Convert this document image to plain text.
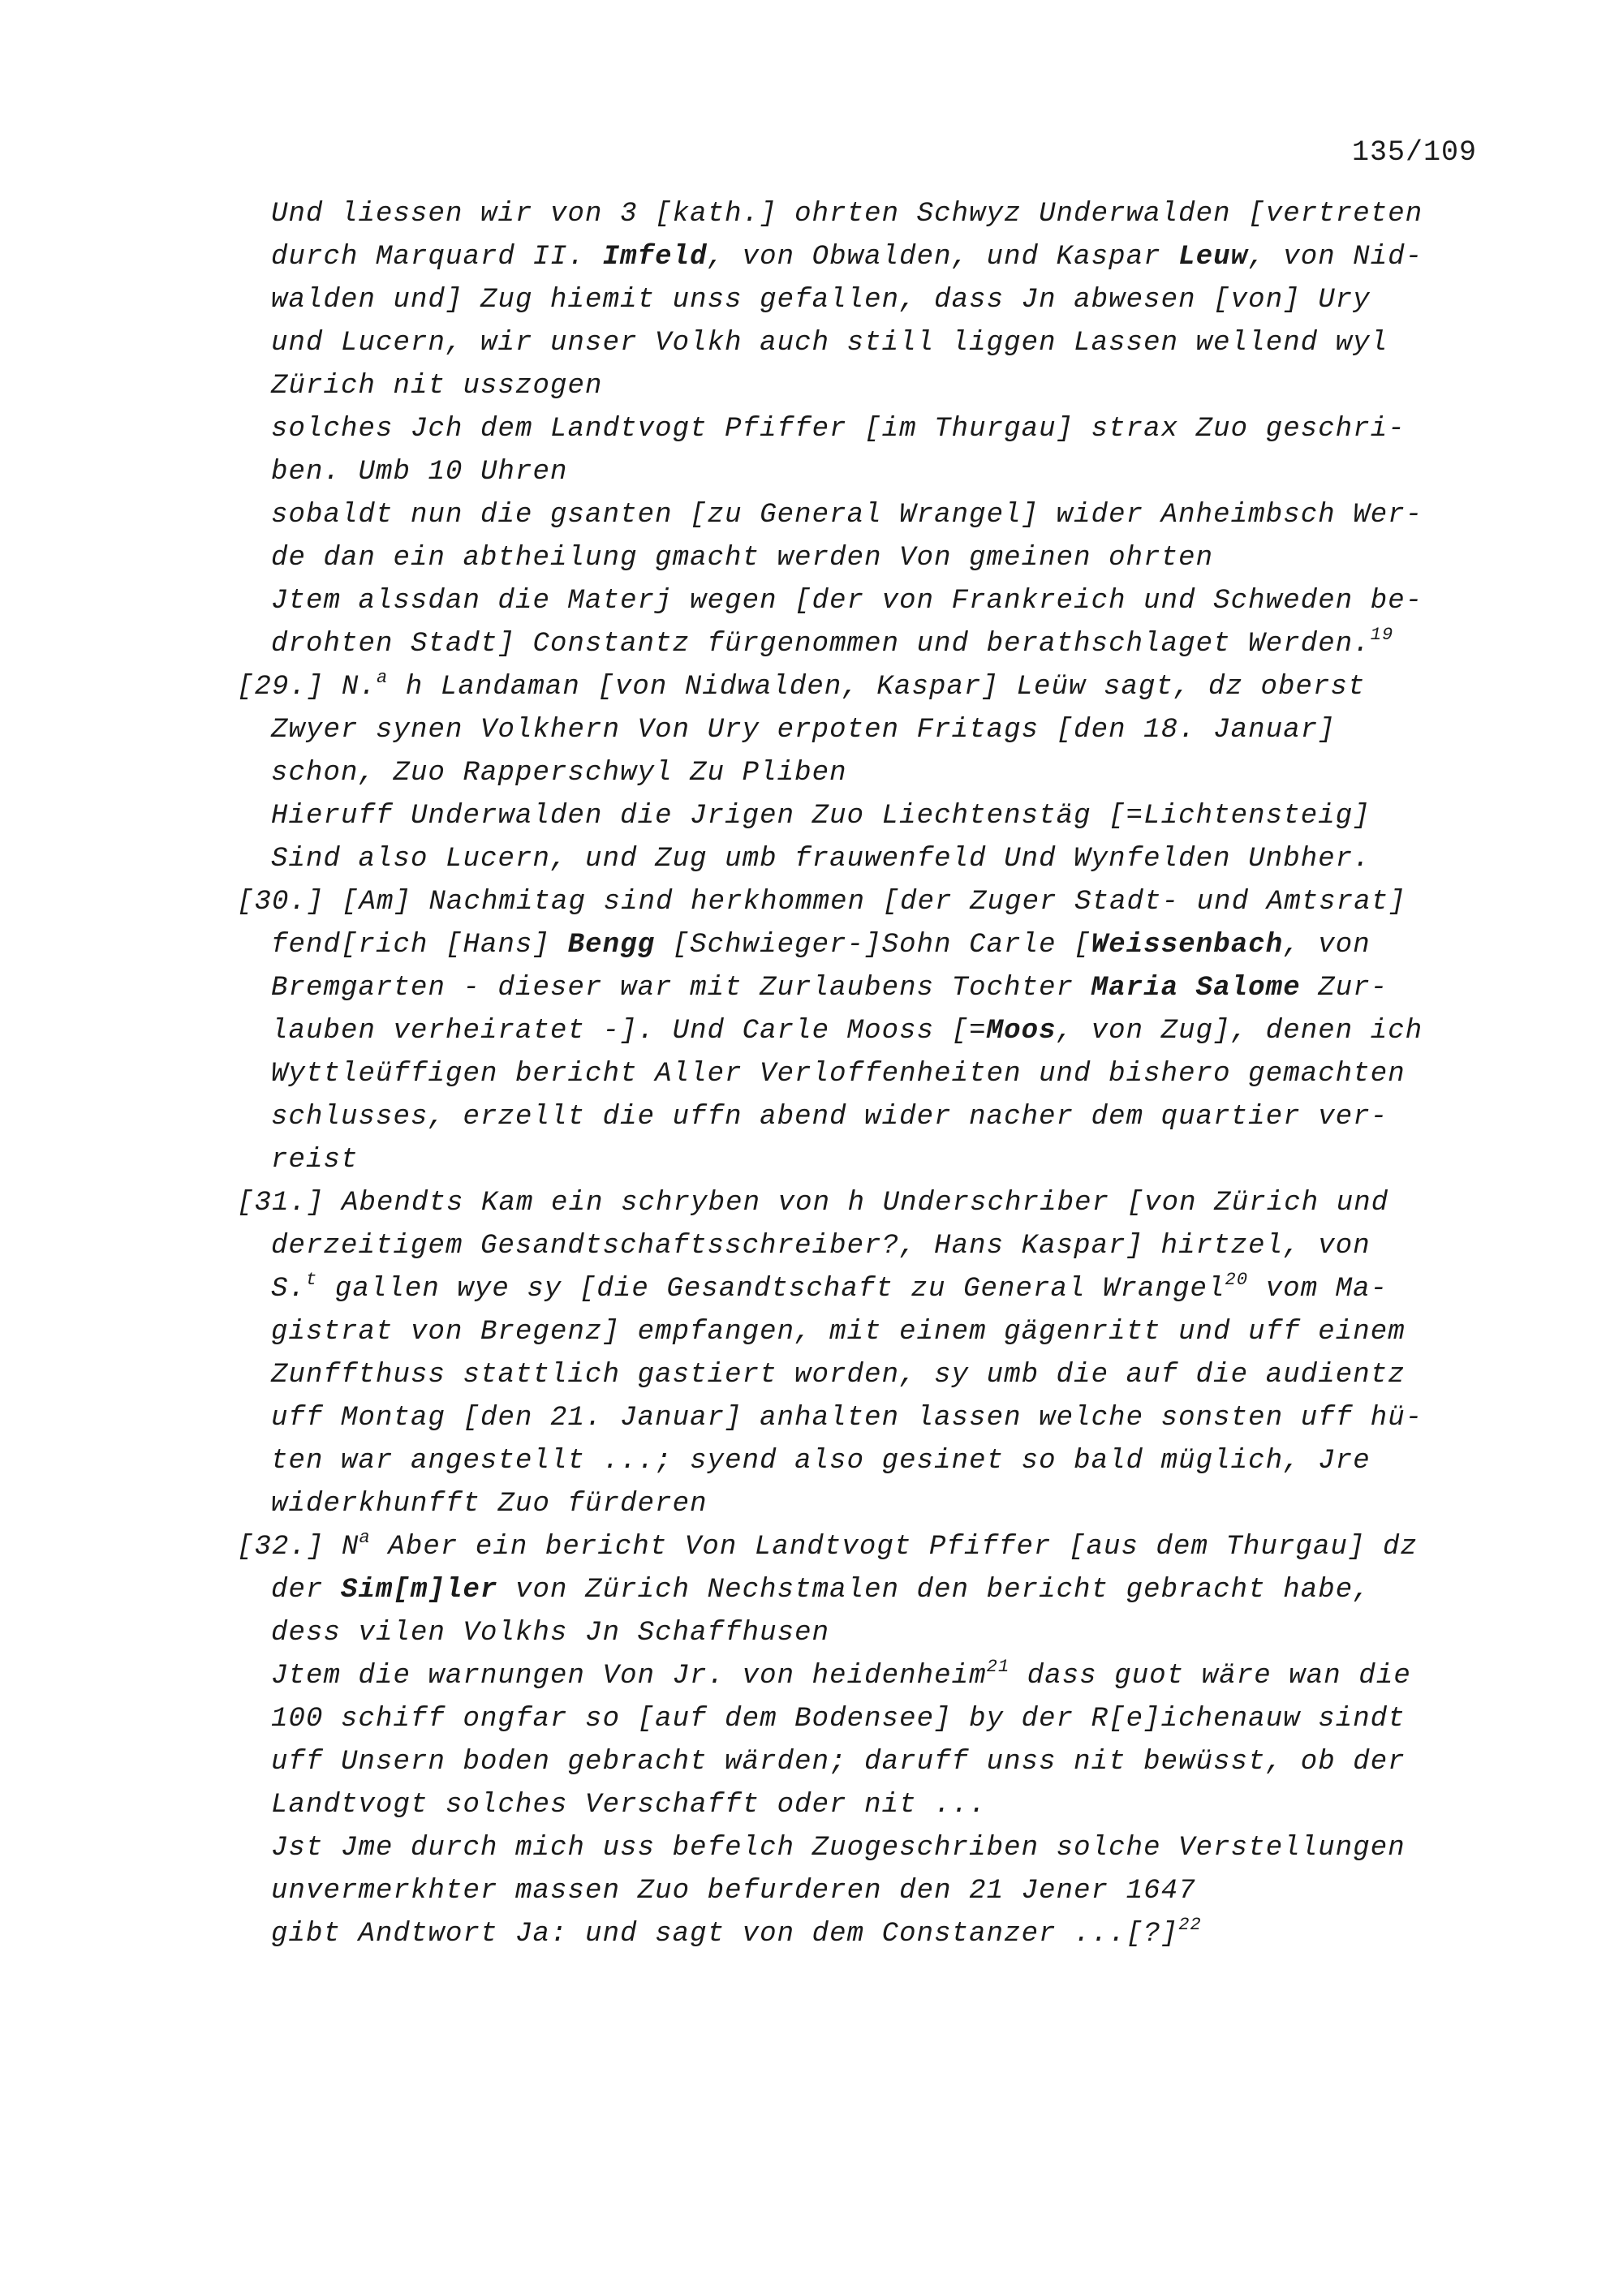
135/109
Und liessen wir von 3 [kath.] ohrten Schwyz Underwalden [vertreten
durch Marquard II. Imfeld, von Obwalden, und Kaspar Leuw, von Nid-
walden und] Zug hiemit unss gefallen, dass Jn abwesen [von] Ury
und Lucern, wir unser Volkh auch still liggen Lassen wellend wyl
Zürich nit usszogen
solches Jch dem Landtvogt Pfiffer [im Thurgau] strax Zuo geschri-
ben. Umb 10 Uhren
sobaldt nun die gsanten [zu General Wrangel] wider Anheimbsch Wer-
de dan ein abtheilung gmacht werden Von gmeinen ohrten
Jtem alssdan die Materj wegen [der von Frankreich und Schweden be-
drohten Stadt] Constantz fürgenommen und berathschlaget Werden.$^{19}$
[29.] N.$^a$ h Landaman [von Nidwalden, Kaspar] Leüw sagt, dz oberst
Zwyer synen Volkhern Von Ury erpoten Fritags [den 18. Januar]
schon, Zuo Rapperschwyl Zu Pliben
Hieruff Underwalden die Jrigen Zuo Liechtenstäg [=Lichtensteig]
Sind also Lucern, und Zug umb frauwenfeld Und Wynfelden Unbher.
[30.] [Am] Nachmitag sind herkhommen [der Zuger Stadt- und Amtsrat]
fend[rich [Hans] Bengg [Schwieger-]Sohn Carle [Weissenbach, von
Bremgarten - dieser war mit Zurlaubens Tochter Maria Salome Zur-
lauben verheiratet -]. Und Carle Mooss [=Moos, von Zug], denen ich
Wyttleüffigen bericht Aller Verloffenheiten und bishero gemachten
schlusses, erzellt die uffn abend wider nacher dem quartier ver-
reist
[31.] Abendts Kam ein schryben von h Underschriber [von Zürich und
derzeitigem Gesandtschaftsschreiber?, Hans Kaspar] hirtzel, von
S.$^t$ gallen wye sy [die Gesandtschaft zu General Wrangel$^{20}$ vom Ma-
gistrat von Bregenz] empfangen, mit einem gägenritt und uff einem
Zunffthuss stattlich gastiert worden, sy umb die auf die audientz
uff Montag [den 21. Januar] anhalten lassen welche sonsten uff hü-
ten war angestellt ...; syend also gesinet so bald müglich, Jre
widerkhunfft Zuo fürderen
[32.] $N^a$ Aber ein bericht Von Landtvogt Pfiffer [aus dem Thurgau] dz
der Sim[m]ler von Zürich Nechstmalen den bericht gebracht habe,
dess vilen Volkhs Jn Schaffhusen
Jtem die warnungen Von Jr. von heidenheim$^{21}$ dass guot wäre wan die
100 schiff ongfar so [auf dem Bodensee] by der R[e]ichenauw sindt
uff Unsern boden gebracht wärden; daruff unss nit bewüsst, ob der
Landtvogt solches Verschafft oder nit ...
Jst Jme durch mich uss befelch Zuogeschriben solche Verstellungen
unvermerkhter massen Zuo befurderen den 21 Jener 1647
gibt Andtwort Ja: und sagt von dem Constanzer ...[?]$^{22}$
